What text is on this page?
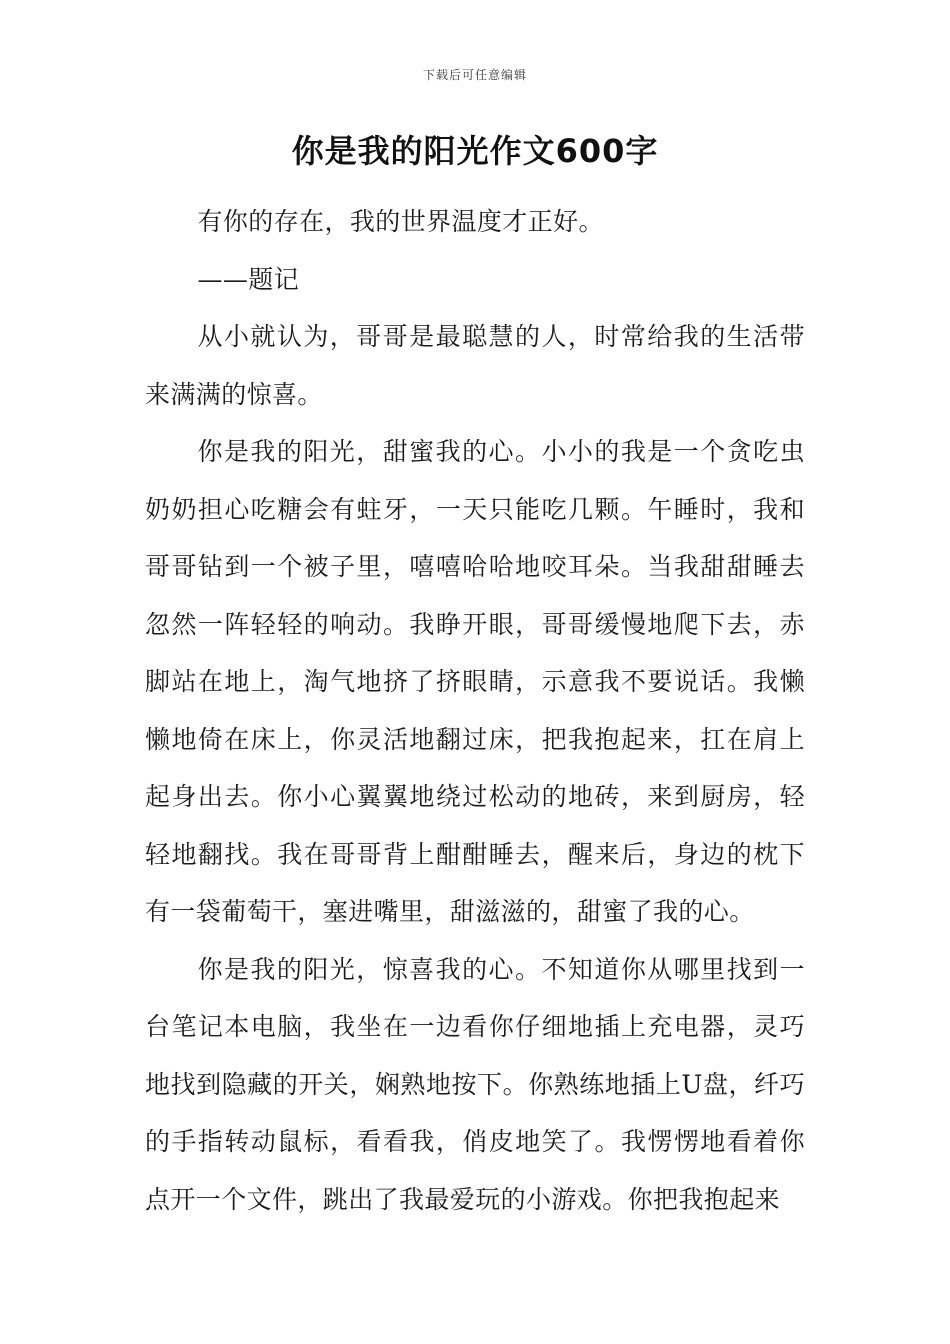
下载后可任意编辑
你是我的阳光作文600字

有你的存在，我的世界温度才正好。

——题记

从小就认为，哥哥是最聪慧的人，时常给我的生活带来满满的惊喜。

你是我的阳光，甜蜜我的心。小小的我是一个贪吃虫奶奶担心吃糖会有蛀牙，一天只能吃几颗。午睡时，我和哥哥钻到一个被子里，嘻嘻哈哈地咬耳朵。当我甜甜睡去忽然一阵轻轻的响动。我睁开眼，哥哥缓慢地爬下去，赤脚站在地上，淘气地挤了挤眼睛，示意我不要说话。我懒懒地倚在床上，你灵活地翻过床，把我抱起来，扛在肩上起身出去。你小心翼翼地绕过松动的地砖，来到厨房，轻轻地翻找。我在哥哥背上酣酣睡去，醒来后，身边的枕下有一袋葡萄干，塞进嘴里，甜滋滋的，甜蜜了我的心。

你是我的阳光，惊喜我的心。不知道你从哪里找到一台笔记本电脑，我坐在一边看你仔细地插上充电器，灵巧地找到隐藏的开关，娴熟地按下。你熟练地插上U盘，纤巧的手指转动鼠标，看看我，俏皮地笑了。我愣愣地看着你点开一个文件，跳出了我最爱玩的小游戏。你把我抱起来
